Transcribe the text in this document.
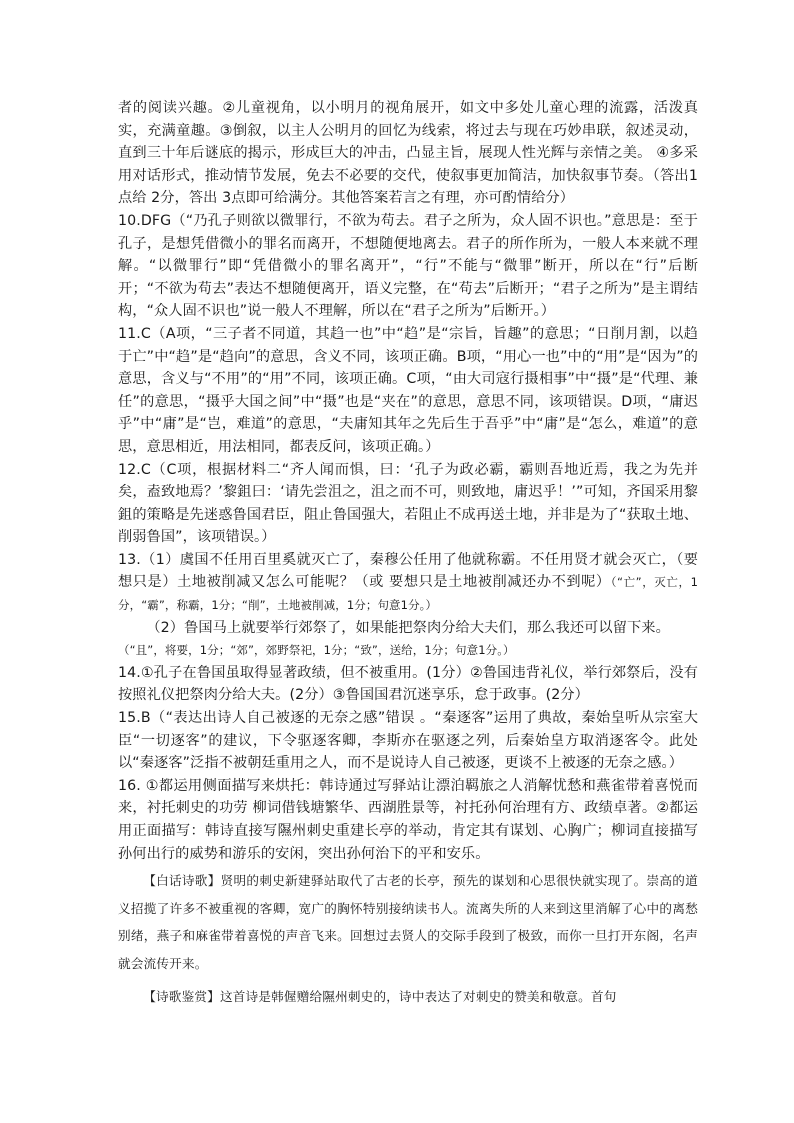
者的阅读兴趣。②儿童视角，以小明月的视角展开，如文中多处儿童心理的流露，活泼真实，充满童趣。③倒叙，以主人公明月的回忆为线索，将过去与现在巧妙串联，叙述灵动，直到三十年后谜底的揭示，形成巨大的冲击，凸显主旨，展现人性光辉与亲情之美。 ④多采用对话形式，推动情节发展，免去不必要的交代，使叙事更加简洁，加快叙事节奏。（答出1点给 2分，答出 3点即可给满分。其他答案若言之有理，亦可酌情给分）

10.DFG（“乃孔子则欲以微罪行，不欲为苟去。君子之所为，众人固不识也。”意思是：至于孔子，是想凭借微小的罪名而离开，不想随便地离去。君子的所作所为，一般人本来就不理解。“以微罪行”即“凭借微小的罪名离开”，“行”不能与“微罪”断开，所以在“行”后断开；“不欲为苟去”表达不想随便离开，语义完整，在“苟去”后断开；“君子之所为”是主谓结构，“众人固不识也”说一般人不理解，所以在“君子之所为”后断开。）

11.C（A项，“三子者不同道，其趋一也”中“趋”是“宗旨，旨趣”的意思；“日削月割，以趋于亡”中“趋”是“趋向”的意思，含义不同，该项正确。B项，“用心一也”中的“用”是“因为”的意思，含义与“不用”的“用”不同，该项正确。C项，“由大司寇行摄相事”中“摄”是“代理、兼任”的意思，“摄乎大国之间”中“摄”也是“夹在”的意思，意思不同，该项错误。D项，“庸迟乎”中“庸”是“岂，难道”的意思，“夫庸知其年之先后生于吾乎”中“庸”是“怎么，难道”的意思，意思相近，用法相同，都表反问，该项正确。）

12.C（C项，根据材料二“齐人闻而惧，曰：‘孔子为政必霸，霸则吾地近焉，我之为先并矣，盍致地焉？’黎鉏曰：‘请先尝沮之，沮之而不可，则致地，庸迟乎！’”可知，齐国采用黎鉏的策略是先迷惑鲁国君臣，阻止鲁国强大，若阻止不成再送土地，并非是为了“获取土地、削弱鲁国”，该项错误。）

13.（1）虞国不任用百里奚就灭亡了，秦穆公任用了他就称霸。不任用贤才就会灭亡，（要想只是）土地被削减又怎么可能呢？（或 要想只是土地被削减还办不到呢）（“亡”，灭亡，1分，“霸”，称霸，1分；“削”，土地被削减，1分；句意1分。）

（2）鲁国马上就要举行郊祭了，如果能把祭肉分给大夫们，那么我还可以留下来。

（“且”，将要，1分；“郊”，郊野祭祀，1分；“致”，送给，1分；句意1分。）

14.①孔子在鲁国虽取得显著政绩，但不被重用。(1分）②鲁国违背礼仪，举行郊祭后，没有按照礼仪把祭肉分给大夫。(2分）③鲁国国君沉迷享乐，怠于政事。(2分）

15.B（“表达出诗人自己被逐的无奈之感”错误 。“秦逐客”运用了典故，秦始皇听从宗室大臣“一切逐客”的建议，下令驱逐客卿，李斯亦在驱逐之列，后秦始皇方取消逐客令。此处以“秦逐客”泛指不被朝廷重用之人，而不是说诗人自己被逐，更谈不上被逐的无奈之感。）

16. ①都运用侧面描写来烘托：韩诗通过写驿站让漂泊羁旅之人消解忧愁和燕雀带着喜悦而来，衬托刺史的功劳 柳词借钱塘繁华、西湖胜景等，衬托孙何治理有方、政绩卓著。②都运用正面描写：韩诗直接写隰州刺史重建长亭的举动，肯定其有谋划、心胸广；柳词直接描写孙何出行的威势和游乐的安闲，突出孙何治下的平和安乐。

【白话诗歌】贤明的刺史新建驿站取代了古老的长亭，预先的谋划和心思很快就实现了。崇高的道义招揽了许多不被重视的客卿，宽广的胸怀特别接纳读书人。流离失所的人来到这里消解了心中的离愁别绪，燕子和麻雀带着喜悦的声音飞来。回想过去贤人的交际手段到了极致，而你一旦打开东阁，名声就会流传开来。

【诗歌鉴赏】这首诗是韩偓赠给隰州刺史的，诗中表达了对刺史的赞美和敬意。首句
